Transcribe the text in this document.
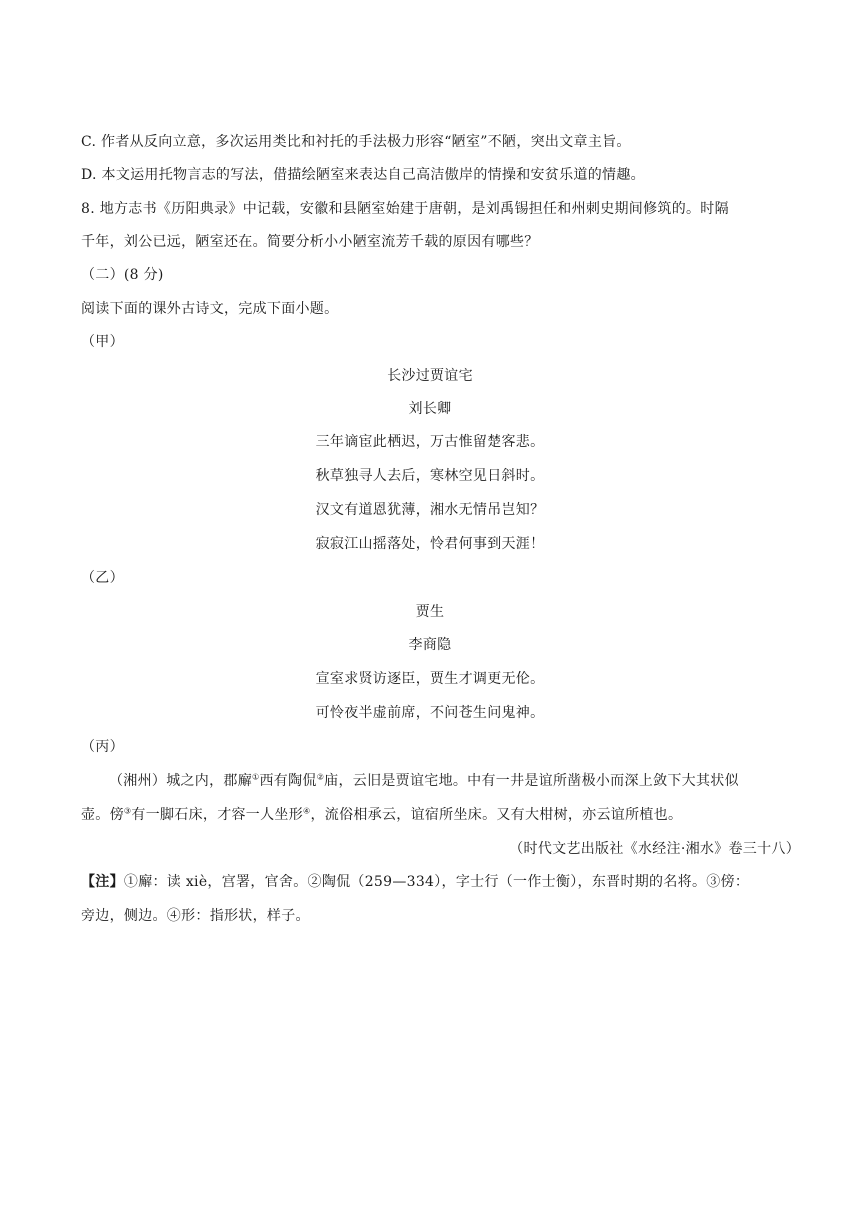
C. 作者从反向立意，多次运用类比和衬托的手法极力形容“陋室”不陋，突出文章主旨。
D. 本文运用托物言志的写法，借描绘陋室来表达自己高洁傲岸的情操和安贫乐道的情趣。
8. 地方志书《历阳典录》中记载，安徽和县陋室始建于唐朝，是刘禹锡担任和州刺史期间修筑的。时隔
千年，刘公已远，陋室还在。简要分析小小陋室流芳千载的原因有哪些？
（二）(8 分)
阅读下面的课外古诗文，完成下面小题。
（甲）
长沙过贾谊宅
刘长卿
三年谪宦此栖迟，万古惟留楚客悲。
秋草独寻人去后，寒林空见日斜时。
汉文有道恩犹薄，湘水无情吊岂知？
寂寂江山摇落处，怜君何事到天涯！
（乙）
贾生
李商隐
宣室求贤访逐臣，贾生才调更无伦。
可怜夜半虚前席，不问苍生问鬼神。
（丙）
（湘州）城之内，郡廨①西有陶侃②庙，云旧是贾谊宅地。中有一井是谊所凿极小而深上敛下大其状似
壶。傍③有一脚石床，才容一人坐形④，流俗相承云，谊宿所坐床。又有大柑树，亦云谊所植也。
（时代文艺出版社《水经注·湘水》卷三十八）
【注】①廨：读 xiè，宫署，官舍。②陶侃（259—334），字士行（一作士衡），东晋时期的名将。③傍：
旁边，侧边。④形：指形状，样子。
